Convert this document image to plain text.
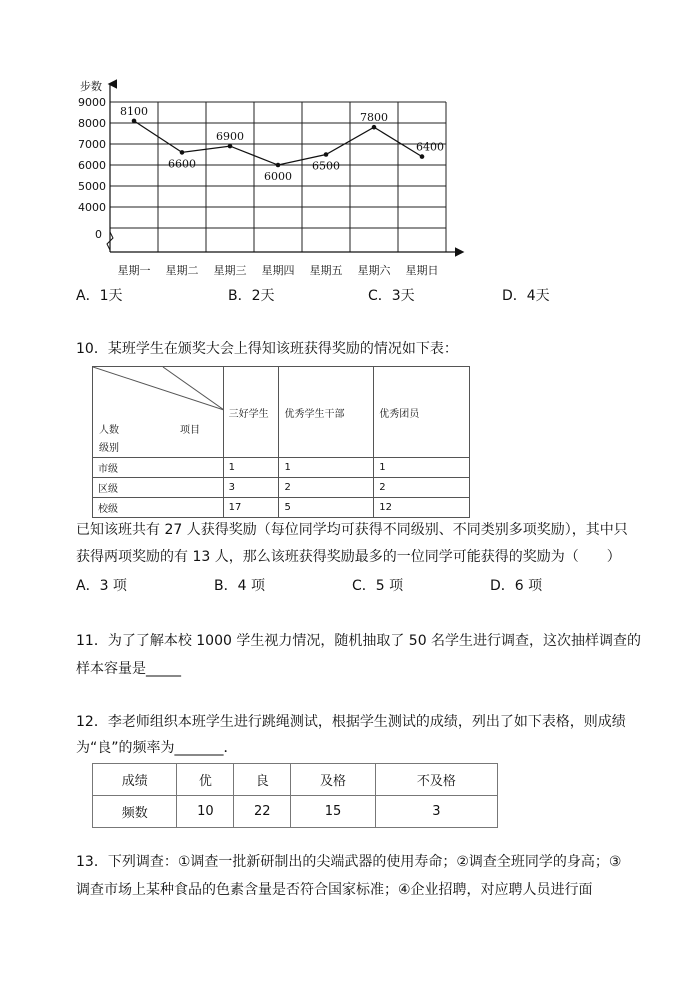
步数
9000
8000
7000
6000
5000
4000
0
星期一 星期二 星期三 星期四 星期五 星期六 星期日
8100
6600
6900
6000
6500
7800
6400
A．1天	B．2天	C．3天	D．4天
10．某班学生在颁奖大会上得知该班获得奖励的情况如下表：
人数 项目
级别	三好学生	优秀学生干部	优秀团员
市级	1	1	1
区级	3	2	2
校级	17	5	12
已知该班共有 27 人获得奖励（每位同学均可获得不同级别、不同类别多项奖励），其中只
获得两项奖励的有 13 人，那么该班获得奖励最多的一位同学可能获得的奖励为（　　）
A．3 项	B．4 项	C．5 项	D．6 项
11．为了了解本校 1000 学生视力情况，随机抽取了 50 名学生进行调查，这次抽样调查的
样本容量是_____
12．李老师组织本班学生进行跳绳测试，根据学生测试的成绩，列出了如下表格，则成绩
为“良”的频率为_______．
成绩	优	良	及格	不及格
频数	10	22	15	3
13．下列调查：①调查一批新研制出的尖端武器的使用寿命；②调查全班同学的身高；③
调查市场上某种食品的色素含量是否符合国家标准；④企业招聘，对应聘人员进行面
